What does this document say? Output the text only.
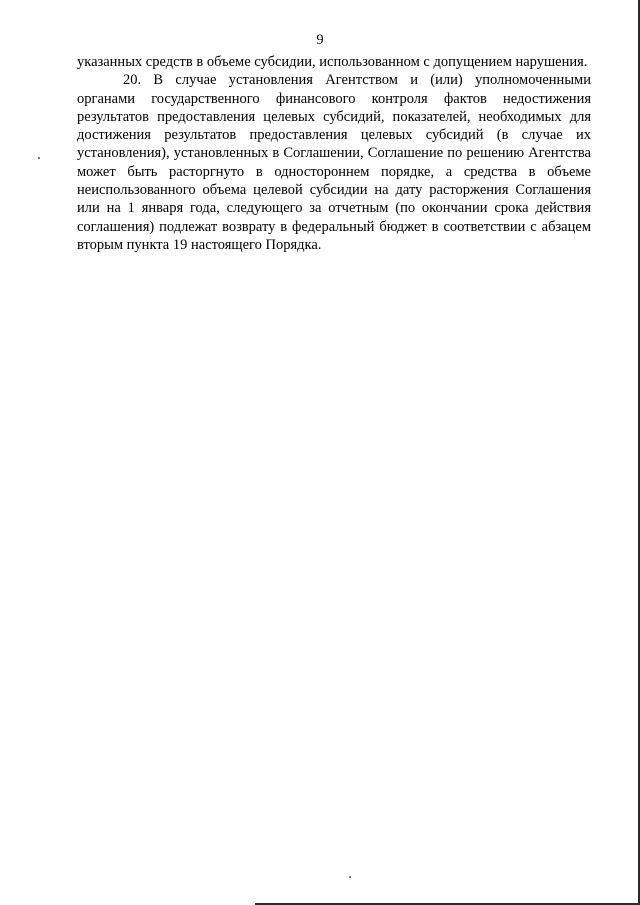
9

указанных средств в объеме субсидии, использованном с допущением нарушения.

20. В случае установления Агентством и (или) уполномоченными органами государственного финансового контроля фактов недостижения результатов предоставления целевых субсидий, показателей, необходимых для достижения результатов предоставления целевых субсидий (в случае их установления), установленных в Соглашении, Соглашение по решению Агентства может быть расторгнуто в одностороннем порядке, а средства в объеме неиспользованного объема целевой субсидии на дату расторжения Соглашения или на 1 января года, следующего за отчетным (по окончании срока действия соглашения) подлежат возврату в федеральный бюджет в соответствии с абзацем вторым пункта 19 настоящего Порядка.
